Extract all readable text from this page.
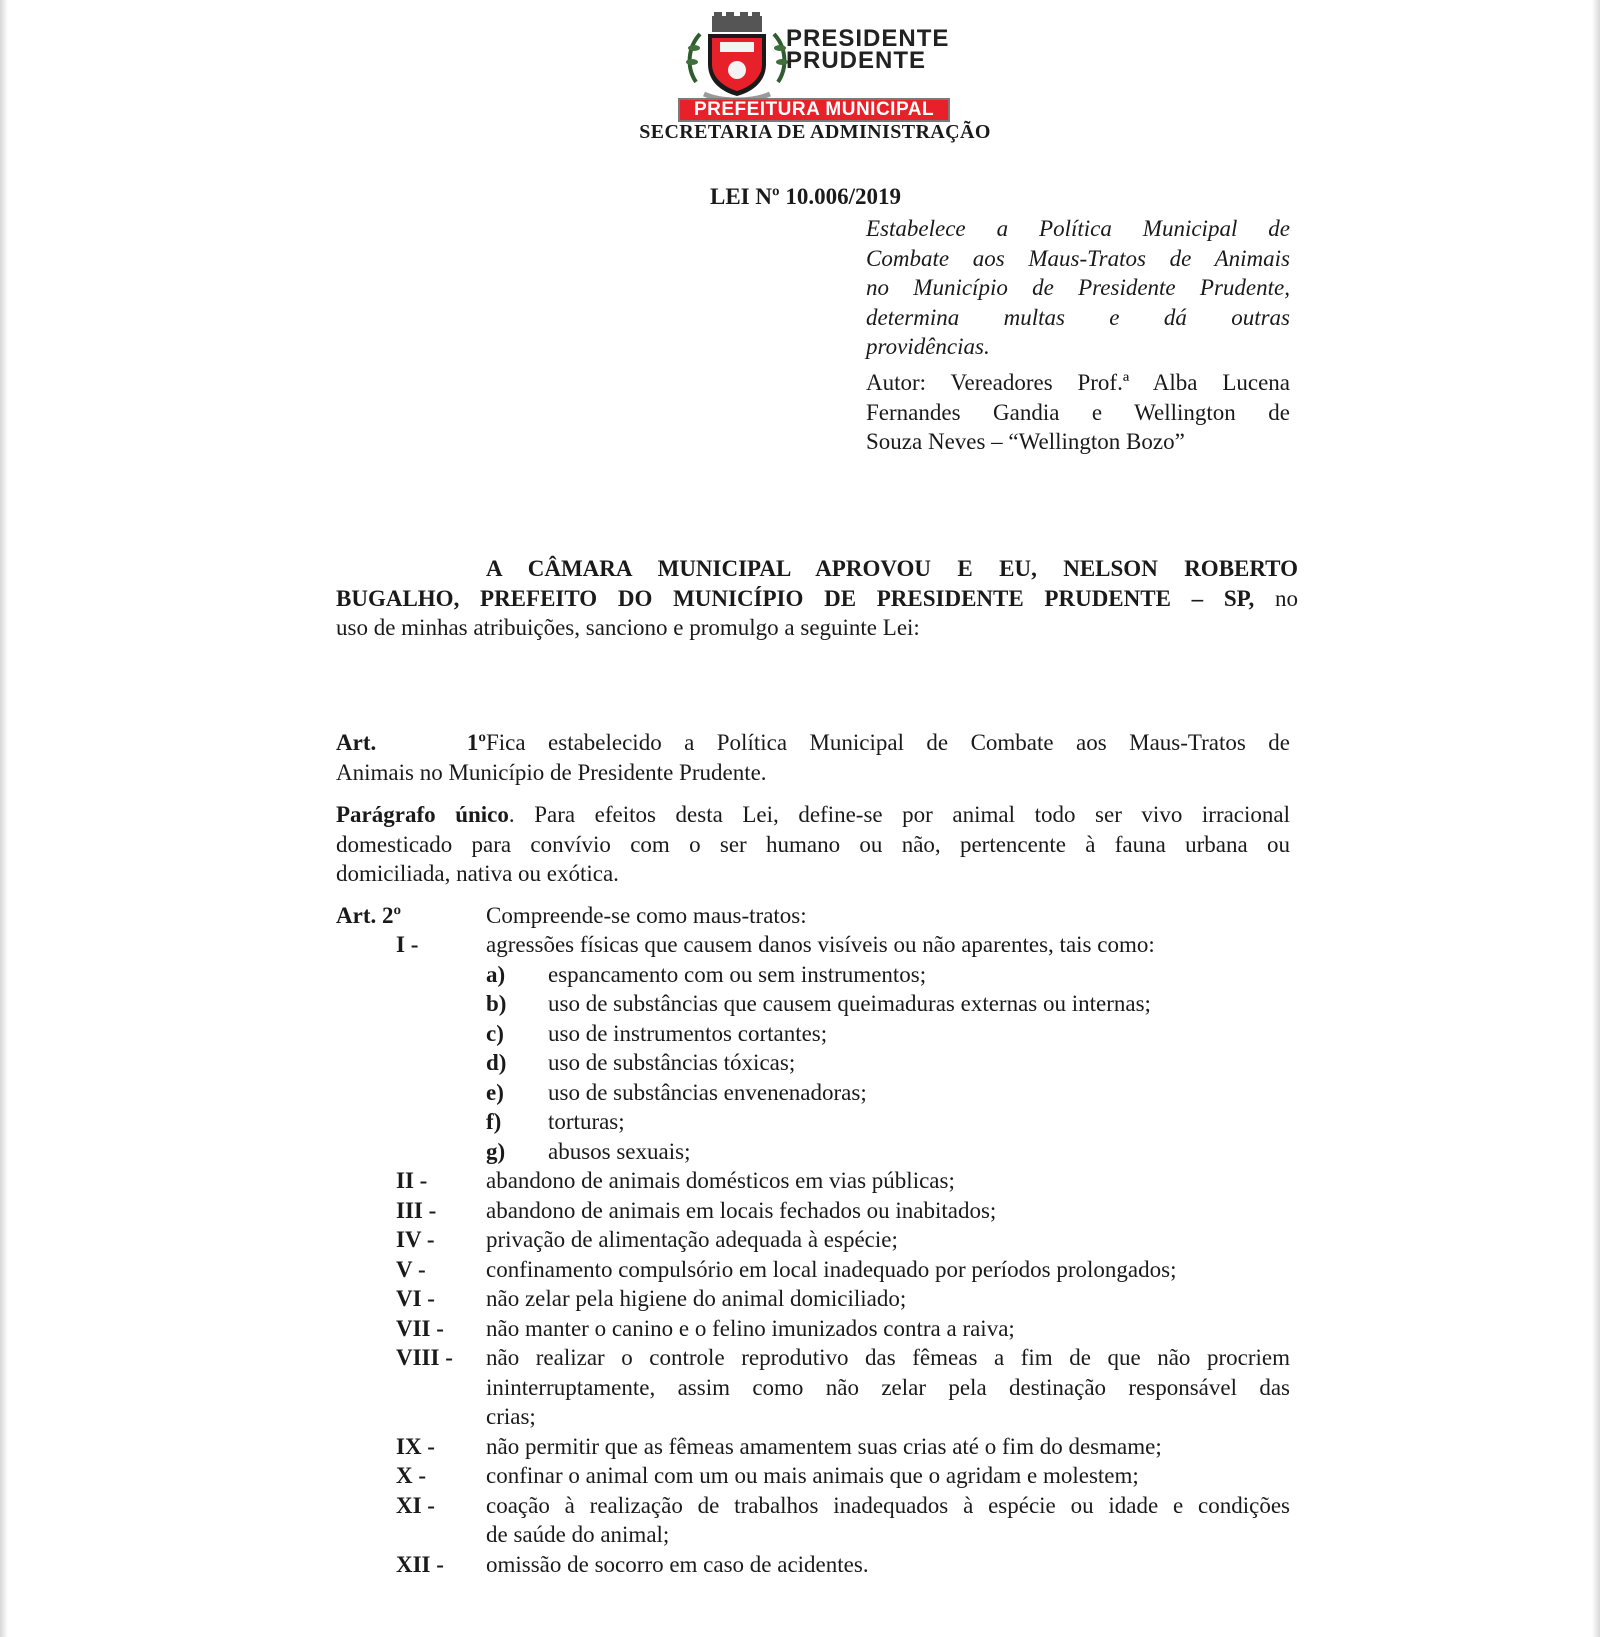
PRESIDENTE
PRUDENTE
PREFEITURA MUNICIPAL
SECRETARIA DE ADMINISTRAÇÃO
LEI Nº 10.006/2019
Estabelece a Política Municipal de
Combate aos Maus-Tratos de Animais
no Município de Presidente Prudente,
determina multas e dá outras
providências.
Autor: Vereadores Prof.ª Alba Lucena
Fernandes Gandia e Wellington de
Souza Neves – “Wellington Bozo”
A CÂMARA MUNICIPAL APROVOU E EU, NELSON ROBERTO
BUGALHO, PREFEITO DO MUNICÍPIO DE PRESIDENTE PRUDENTE – SP, no
uso de minhas atribuições, sanciono e promulgo a seguinte Lei:
Art. 1ºFica estabelecido a Política Municipal de Combate aos Maus-Tratos de
Animais no Município de Presidente Prudente.
Parágrafo único. Para efeitos desta Lei, define-se por animal todo ser vivo irracional
domesticado para convívio com o ser humano ou não, pertencente à fauna urbana ou
domiciliada, nativa ou exótica.
Art. 2º	Compreende-se como maus-tratos:
I -	agressões físicas que causem danos visíveis ou não aparentes, tais como:
a) espancamento com ou sem instrumentos;
b) uso de substâncias que causem queimaduras externas ou internas;
c) uso de instrumentos cortantes;
d) uso de substâncias tóxicas;
e) uso de substâncias envenenadoras;
f) torturas;
g) abusos sexuais;
II -	abandono de animais domésticos em vias públicas;
III - abandono de animais em locais fechados ou inabitados;
IV - privação de alimentação adequada à espécie;
V -	confinamento compulsório em local inadequado por períodos prolongados;
VI - não zelar pela higiene do animal domiciliado;
VII - não manter o canino e o felino imunizados contra a raiva;
VIII - não realizar o controle reprodutivo das fêmeas a fim de que não procriem
ininterruptamente, assim como não zelar pela destinação responsável das
crias;
IX - não permitir que as fêmeas amamentem suas crias até o fim do desmame;
X -	confinar o animal com um ou mais animais que o agridam e molestem;
XI - coação à realização de trabalhos inadequados à espécie ou idade e condições
de saúde do animal;
XII - omissão de socorro em caso de acidentes.
